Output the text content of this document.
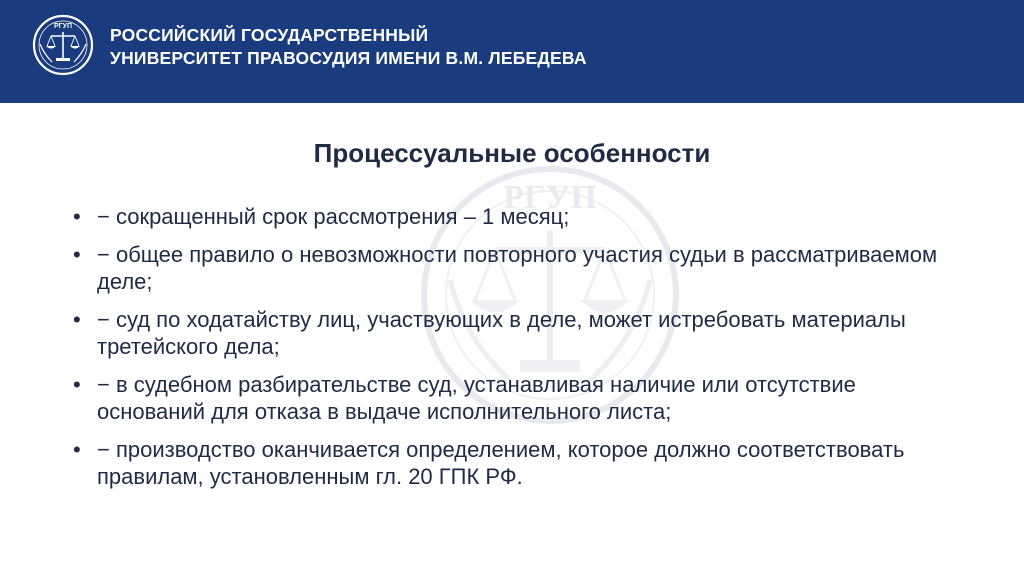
РГУП РОССИЙСКИЙ ГОСУДАРСТВЕННЫЙ
УНИВЕРСИТЕТ ПРАВОСУДИЯ ИМЕНИ В.М. ЛЕБЕДЕВА
РГУП
Процессуальные особенности
• − сокращенный срок рассмотрения – 1 месяц;
• − общее правило о невозможности повторного участия судьи в рассматриваемом деле;
• − суд по ходатайству лиц, участвующих в деле, может истребовать материалы третейского дела;
• − в судебном разбирательстве суд, устанавливая наличие или отсутствие оснований для отказа в выдаче исполнительного листа;
• − производство оканчивается определением, которое должно соответствовать правилам, установленным гл. 20 ГПК РФ.
